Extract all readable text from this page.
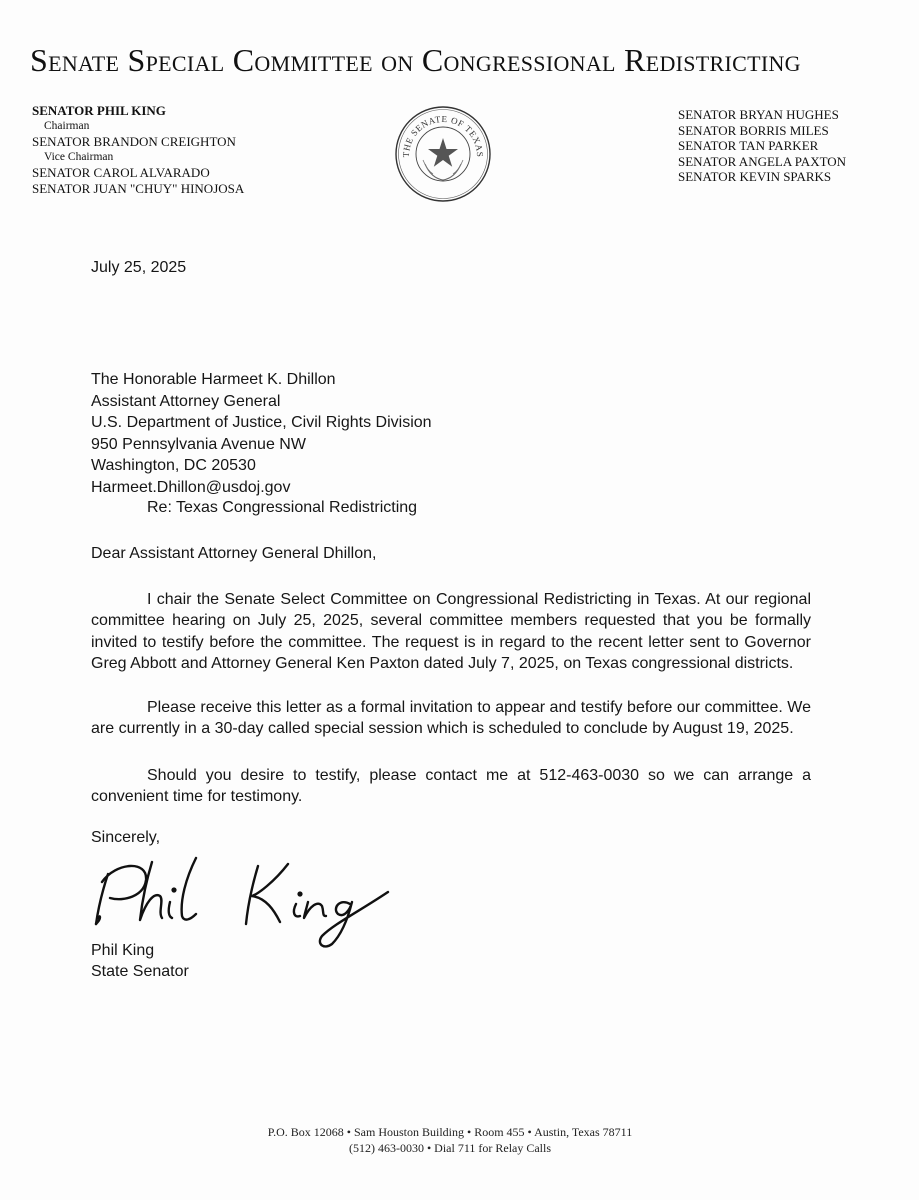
Senate Special Committee on Congressional Redistricting
SENATOR PHIL KING
Chairman
SENATOR BRANDON CREIGHTON
Vice Chairman
SENATOR CAROL ALVARADO
SENATOR JUAN "CHUY" HINOJOSA
THE SENATE OF TEXAS
SENATOR BRYAN HUGHES
SENATOR BORRIS MILES
SENATOR TAN PARKER
SENATOR ANGELA PAXTON
SENATOR KEVIN SPARKS
July 25, 2025
The Honorable Harmeet K. Dhillon
Assistant Attorney General
U.S. Department of Justice, Civil Rights Division
950 Pennsylvania Avenue NW
Washington, DC 20530
Harmeet.Dhillon@usdoj.gov
Re: Texas Congressional Redistricting
Dear Assistant Attorney General Dhillon,
I chair the Senate Select Committee on Congressional Redistricting in Texas. At our regional committee hearing on July 25, 2025, several committee members requested that you be formally invited to testify before the committee. The request is in regard to the recent letter sent to Governor Greg Abbott and Attorney General Ken Paxton dated July 7, 2025, on Texas congressional districts.
Please receive this letter as a formal invitation to appear and testify before our committee. We are currently in a 30-day called special session which is scheduled to conclude by August 19, 2025.
Should you desire to testify, please contact me at 512-463-0030 so we can arrange a convenient time for testimony.
Sincerely,
Phil King
State Senator
P.O. Box 12068 • Sam Houston Building • Room 455 • Austin, Texas 78711
(512) 463-0030 • Dial 711 for Relay Calls
